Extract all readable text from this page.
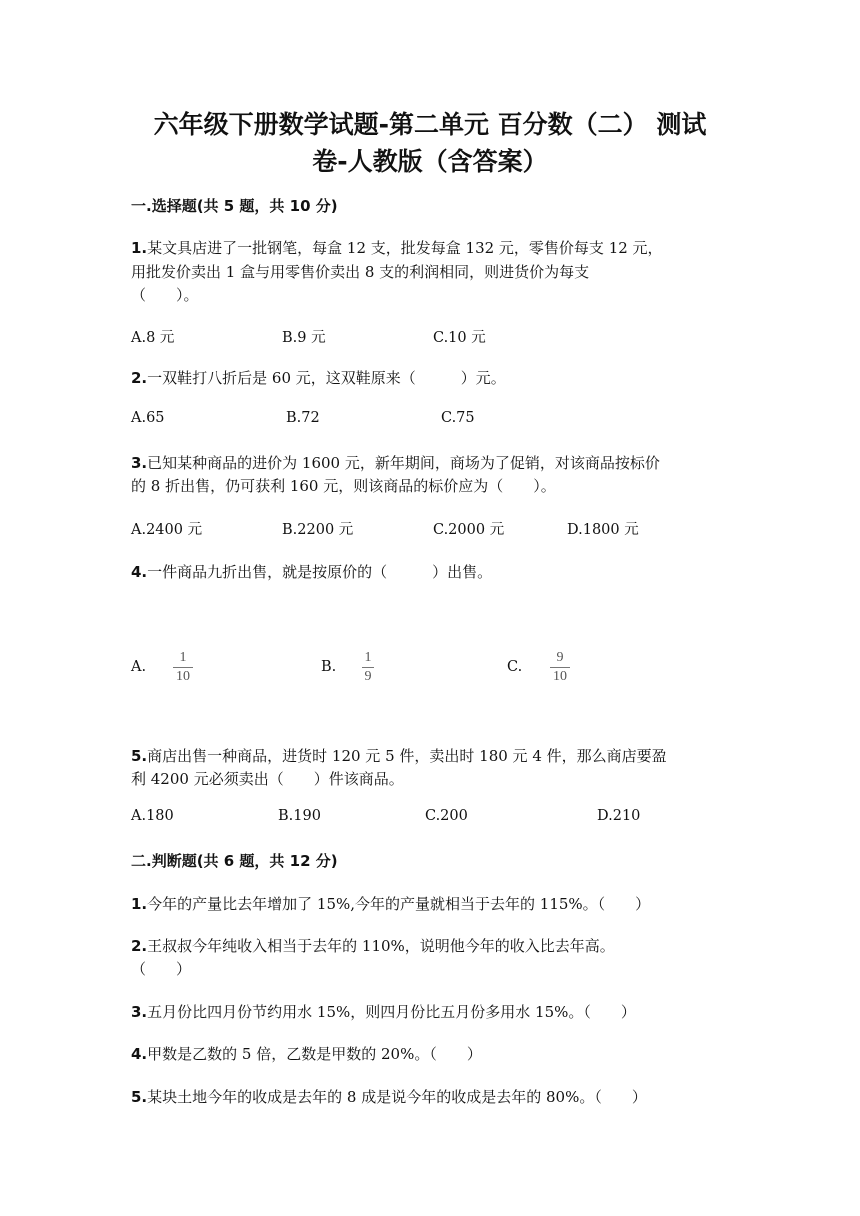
六年级下册数学试题-第二单元 百分数（二） 测试
卷-人教版（含答案）
一.选择题(共 5 题，共 10 分)
1.某文具店进了一批钢笔，每盒 12 支，批发每盒 132 元，零售价每支 12 元，
用批发价卖出 1 盒与用零售价卖出 8 支的利润相同，则进货价为每支
（　　）。
A.8 元	B.9 元	C.10 元
2.一双鞋打八折后是 60 元，这双鞋原来（　　　）元。
A.65	B.72	C.75
3.已知某种商品的进价为 1600 元，新年期间，商场为了促销，对该商品按标价
的 8 折出售，仍可获利 160 元，则该商品的标价应为（　　）。
A.2400 元	B.2200 元	C.2000 元	D.1800 元
4.一件商品九折出售，就是按原价的（　　　）出售。
A.
1
10
B.
1
9
C.
9
10
5.商店出售一种商品，进货时 120 元 5 件，卖出时 180 元 4 件，那么商店要盈
利 4200 元必须卖出（　　）件该商品。
A.180	B.190	C.200	D.210
二.判断题(共 6 题，共 12 分)
1.今年的产量比去年增加了 15%,今年的产量就相当于去年的 115%。（　　）
2.王叔叔今年纯收入相当于去年的 110%，说明他今年的收入比去年高。
（　　）
3.五月份比四月份节约用水 15%，则四月份比五月份多用水 15%。（　　）
4.甲数是乙数的 5 倍，乙数是甲数的 20%。（　　）
5.某块土地今年的收成是去年的 8 成是说今年的收成是去年的 80%。（　　）
